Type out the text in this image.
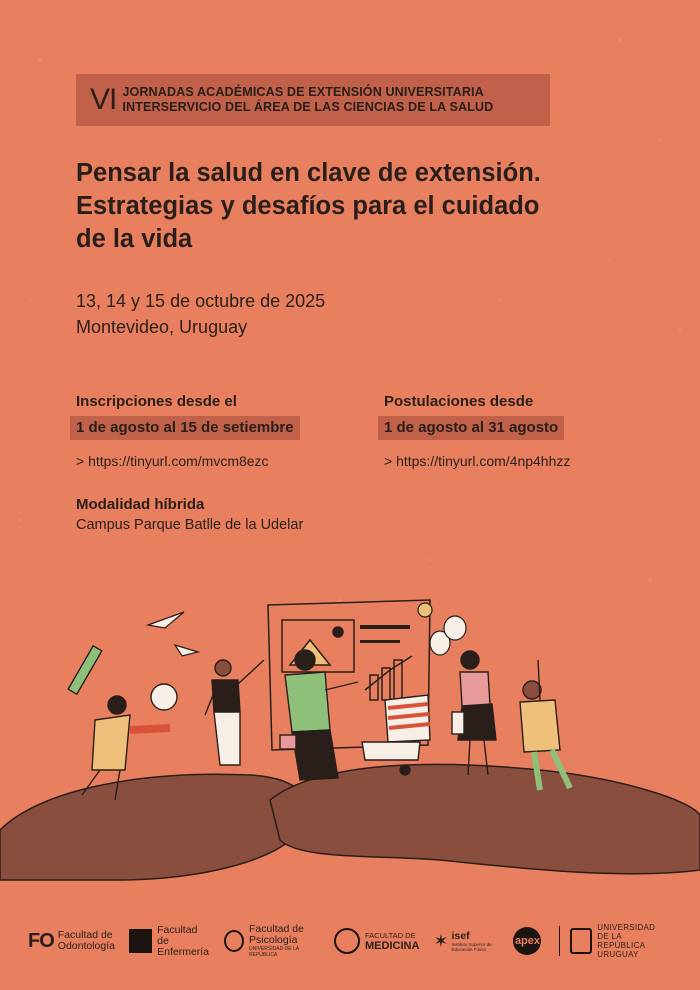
VI JORNADAS ACADÉMICAS DE EXTENSIÓN UNIVERSITARIA
INTERSERVICIO DEL ÁREA DE LAS CIENCIAS DE LA SALUD
Pensar la salud en clave de extensión.
Estrategias y desafíos para el cuidado
de la vida
13, 14 y 15 de octubre de 2025
Montevideo, Uruguay
Inscripciones desde el
1 de agosto al 15 de setiembre
> https://tinyurl.com/mvcm8ezc
Postulaciones desde
1 de agosto al 31 agosto
> https://tinyurl.com/4np4hhzz
Modalidad híbrida
Campus Parque Batlle de la Udelar
FO Facultad de
Odontología
Facultad de
Enfermería
Facultad de
Psicología
UNIVERSIDAD DE LA REPÚBLICA
FACULTAD DE
MEDICINA ✶ isef
Instituto Superior de Educación Física
apex
UNIVERSIDAD
DE LA REPÚBLICA
URUGUAY
